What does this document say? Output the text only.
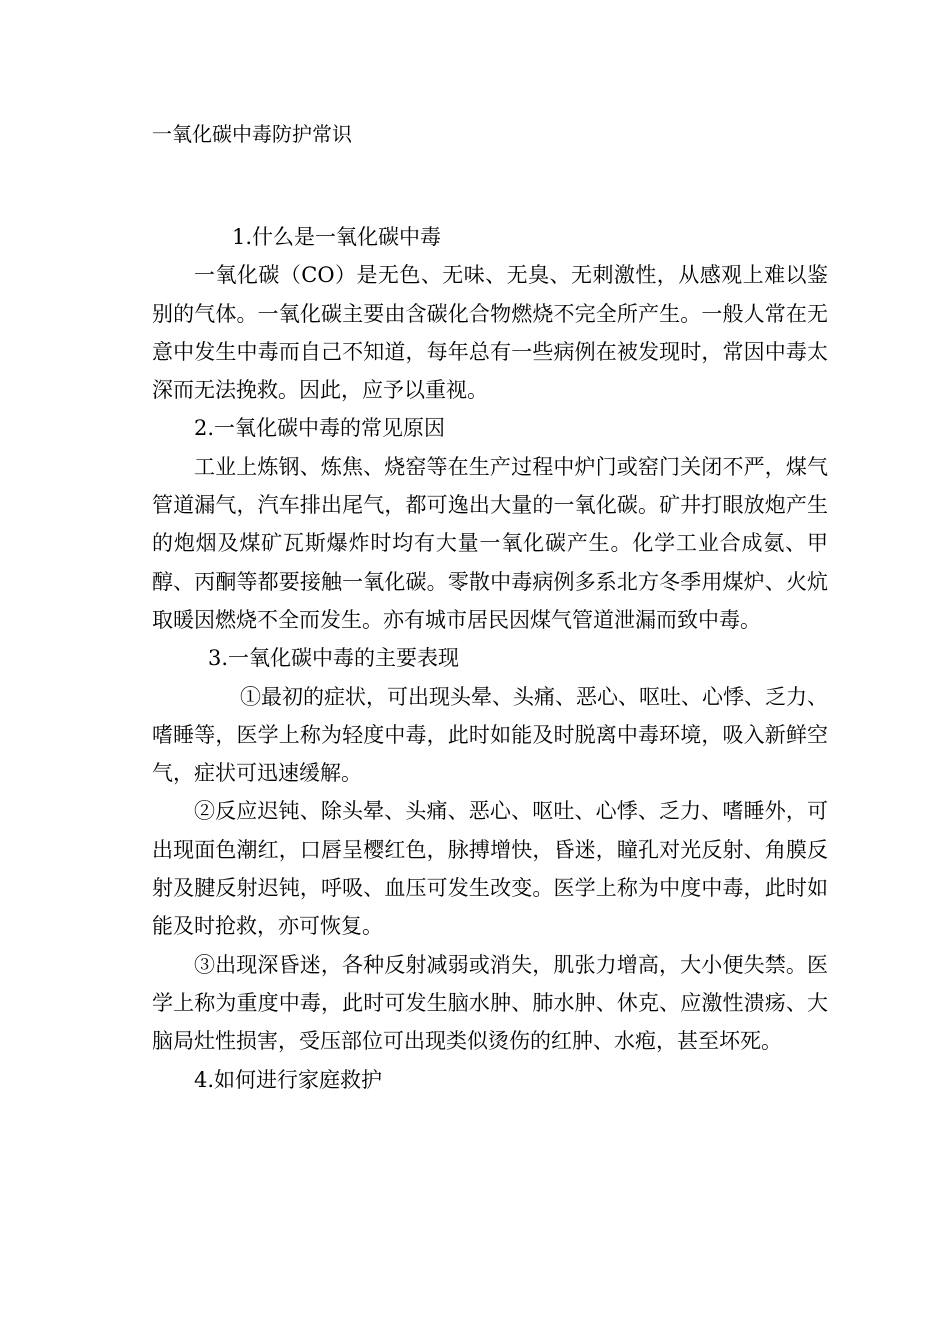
一氧化碳中毒防护常识

1.什么是一氧化碳中毒

一氧化碳（CO）是无色、无味、无臭、无刺激性，从感观上难以鉴别的气体。一氧化碳主要由含碳化合物燃烧不完全所产生。一般人常在无意中发生中毒而自己不知道，每年总有一些病例在被发现时，常因中毒太深而无法挽救。因此，应予以重视。

2.一氧化碳中毒的常见原因

工业上炼钢、炼焦、烧窑等在生产过程中炉门或窑门关闭不严，煤气管道漏气，汽车排出尾气，都可逸出大量的一氧化碳。矿井打眼放炮产生的炮烟及煤矿瓦斯爆炸时均有大量一氧化碳产生。化学工业合成氨、甲醇、丙酮等都要接触一氧化碳。零散中毒病例多系北方冬季用煤炉、火炕取暖因燃烧不全而发生。亦有城市居民因煤气管道泄漏而致中毒。

3.一氧化碳中毒的主要表现

①最初的症状，可出现头晕、头痛、恶心、呕吐、心悸、乏力、嗜睡等，医学上称为轻度中毒，此时如能及时脱离中毒环境，吸入新鲜空气，症状可迅速缓解。

②反应迟钝、除头晕、头痛、恶心、呕吐、心悸、乏力、嗜睡外，可出现面色潮红，口唇呈樱红色，脉搏增快，昏迷，瞳孔对光反射、角膜反射及腱反射迟钝，呼吸、血压可发生改变。医学上称为中度中毒，此时如能及时抢救，亦可恢复。

③出现深昏迷，各种反射减弱或消失，肌张力增高，大小便失禁。医学上称为重度中毒，此时可发生脑水肿、肺水肿、休克、应激性溃疡、大脑局灶性损害，受压部位可出现类似烫伤的红肿、水疱，甚至坏死。

4.如何进行家庭救护
